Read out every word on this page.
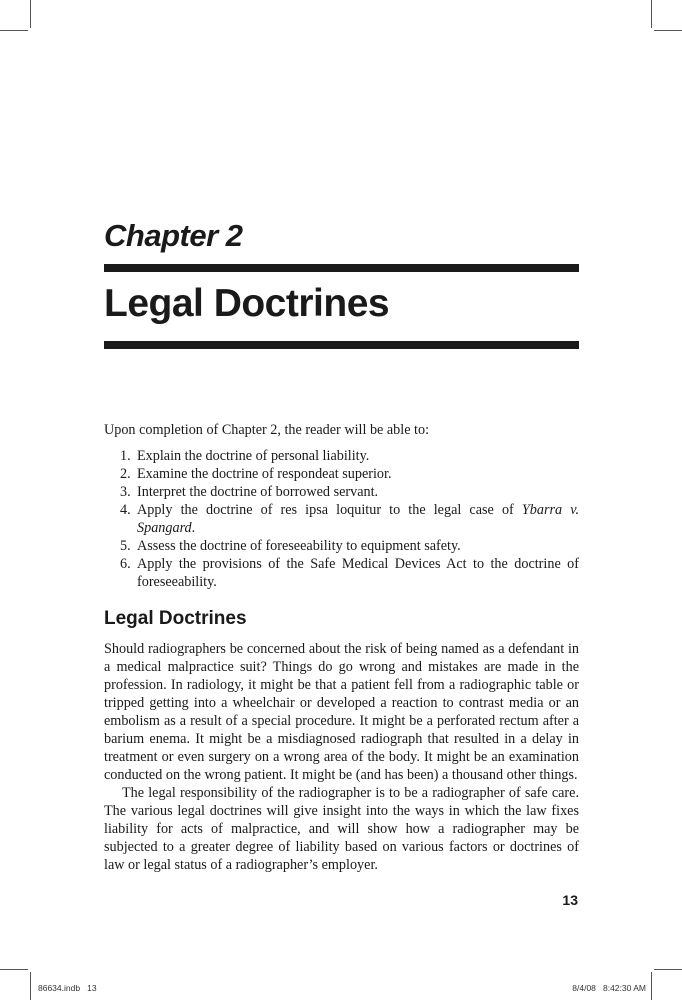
Chapter 2
Legal Doctrines
Upon completion of Chapter 2, the reader will be able to:
1. Explain the doctrine of personal liability.
2. Examine the doctrine of respondeat superior.
3. Interpret the doctrine of borrowed servant.
4. Apply the doctrine of res ipsa loquitur to the legal case of Ybarra v. Spangard.
5. Assess the doctrine of foreseeability to equipment safety.
6. Apply the provisions of the Safe Medical Devices Act to the doctrine of foreseeability.
Legal Doctrines

Should radiographers be concerned about the risk of being named as a defendant in a medical malpractice suit? Things do go wrong and mistakes are made in the profession. In radiology, it might be that a patient fell from a radiographic table or tripped getting into a wheelchair or developed a reaction to contrast media or an embolism as a result of a special procedure. It might be a perforated rectum after a barium enema. It might be a misdiagnosed radiograph that resulted in a delay in treatment or even surgery on a wrong area of the body. It might be an examination conducted on the wrong patient. It might be (and has been) a thousand other things.

The legal responsibility of the radiographer is to be a radiographer of safe care. The various legal doctrines will give insight into the ways in which the law fixes liability for acts of malpractice, and will show how a radiographer may be subjected to a greater degree of liability based on various factors or doctrines of law or legal status of a radiographer’s employer.

13
86634.indb   13	8/4/08   8:42:30 AM
